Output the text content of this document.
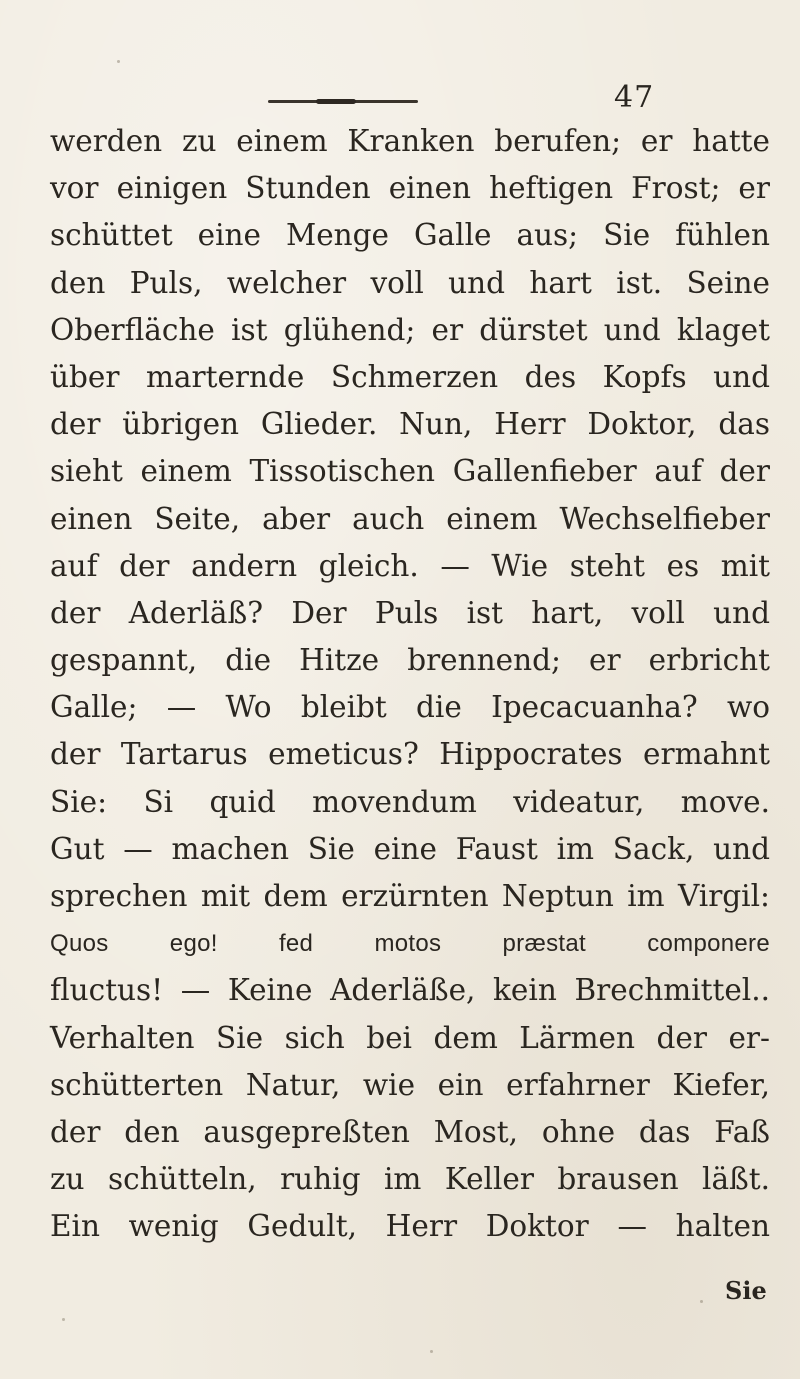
47
werden zu einem Kranken berufen; er hatte
vor einigen Stunden einen heftigen Frost; er
schüttet eine Menge Galle aus; Sie fühlen
den Puls, welcher voll und hart ist. Seine
Oberfläche ist glühend; er dürstet und klaget
über marternde Schmerzen des Kopfs und
der übrigen Glieder. Nun, Herr Doktor, das
sieht einem Tissotischen Gallenfieber auf der
einen Seite, aber auch einem Wechselfieber
auf der andern gleich. — Wie steht es mit
der Aderläß? Der Puls ist hart, voll und
gespannt, die Hitze brennend; er erbricht
Galle; — Wo bleibt die Ipecacuanha? wo
der Tartarus emeticus? Hippocrates ermahnt
Sie: Si quid movendum videatur, move.
Gut — machen Sie eine Faust im Sack, und
sprechen mit dem erzürnten Neptun im Virgil:
Quos ego! fed motos præstat componere
fluctus! — Keine Aderläße, kein Brechmittel..
Verhalten Sie sich bei dem Lärmen der er-
schütterten Natur, wie ein erfahrner Kiefer,
der den ausgepreßten Most, ohne das Faß
zu schütteln, ruhig im Keller brausen läßt.
Ein wenig Gedult, Herr Doktor — halten
Sie
